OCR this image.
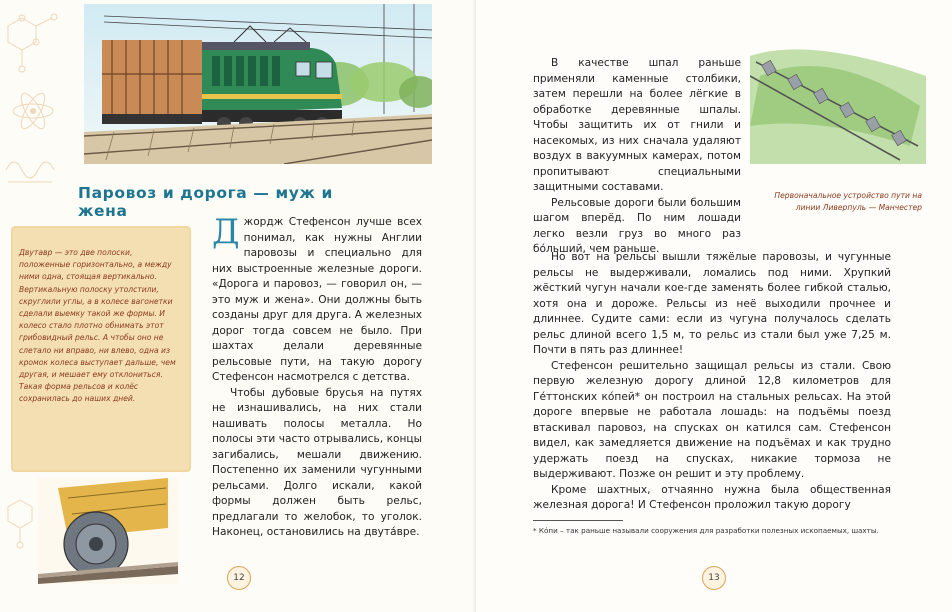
Паровоз и дорога — муж и жена

Двутавр — это две полоски, положенные горизонтально, а между ними одна, стоящая вертикально. Вертикальную полоску утолстили, скруглили углы, а в колесе вагонетки сделали выемку такой же формы. И колесо стало плотно обнимать этот грибовидный рельс. А чтобы оно не слетало ни вправо, ни влево, одна из кромок колеса выступает дальше, чем другая, и мешает ему отклониться. Такая форма рельсов и колёс сохранилась до наших дней.

Джордж Стефенсон лучше всех понимал, как нужны Англии паровозы и специально для них выстроенные железные дороги. «Дорога и паровоз, — говорил он, — это муж и жена». Они должны быть созданы друг для друга. А железных дорог тогда совсем не было. При шахтах делали деревянные рельсовые пути, на такую дорогу Стефенсон насмотрелся с детства.

Чтобы дубовые брусья на путях не изнашивались, на них стали нашивать полосы металла. Но полосы эти часто отрывались, концы загибались, мешали движению. Постепенно их заменили чугунными рельсами. Долго искали, какой формы должен быть рельс, предлагали то желобок, то уголок. Наконец, остановились на двута́вре.

12

Первоначальное устройство пути на линии Ливерпуль — Манчестер

В качестве шпал раньше применяли каменные столбики, затем перешли на более лёгкие в обработке деревянные шпалы. Чтобы защитить их от гнили и насекомых, из них сначала удаляют воздух в вакуумных камерах, потом пропитывают специальными защитными составами.

Рельсовые дороги были большим шагом вперёд. По ним лошади легко везли груз во много раз бо́льший, чем раньше.

Но вот на рельсы вышли тяжёлые паровозы, и чугунные рельсы не выдерживали, ломались под ними. Хрупкий жёсткий чугун начали кое-где заменять более гибкой сталью, хотя она и дороже. Рельсы из неё выходили прочнее и длиннее. Судите сами: если из чугуна получалось сделать рельс длиной всего 1,5 м, то рельс из стали был уже 7,25 м. Почти в пять раз длиннее!

Стефенсон решительно защищал рельсы из стали. Свою первую железную дорогу длиной 12,8 километров для Ге́ттонских ко́пей* он построил на стальных рельсах. На этой дороге впервые не работала лошадь: на подъёмы поезд втаскивал паровоз, на спусках он катился сам. Стефенсон видел, как замедляется движение на подъёмах и как трудно удержать поезд на спусках, никакие тормоза не выдерживают. Позже он решит и эту проблему.

Кроме шахтных, отчаянно нужна была общественная железная дорога! И Стефенсон проложил такую дорогу

* Ко́пи – так раньше называли сооружения для разработки полезных ископаемых, шахты.

13
